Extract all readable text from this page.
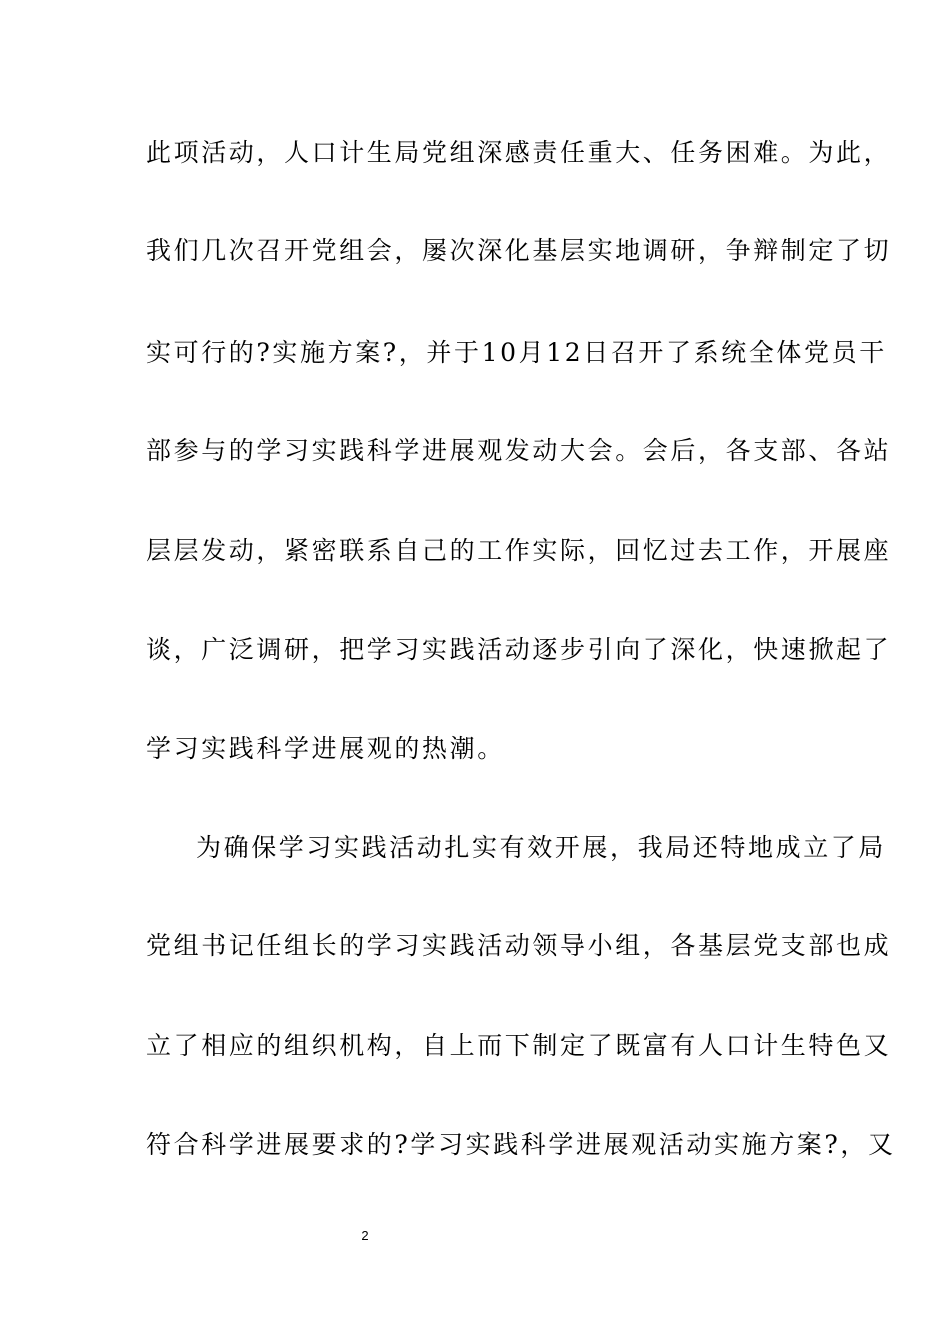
此项活动，人口计生局党组深感责任重大、任务困难。为此，
我们几次召开党组会，屡次深化基层实地调研，争辩制定了切
实可行的?实施方案?，并于10月12日召开了系统全体党员干
部参与的学习实践科学进展观发动大会。会后，各支部、各站
层层发动，紧密联系自己的工作实际，回忆过去工作，开展座
谈，广泛调研，把学习实践活动逐步引向了深化，快速掀起了
学习实践科学进展观的热潮。
为确保学习实践活动扎实有效开展，我局还特地成立了局
党组书记任组长的学习实践活动领导小组，各基层党支部也成
立了相应的组织机构，自上而下制定了既富有人口计生特色又
符合科学进展要求的?学习实践科学进展观活动实施方案?，又
2
